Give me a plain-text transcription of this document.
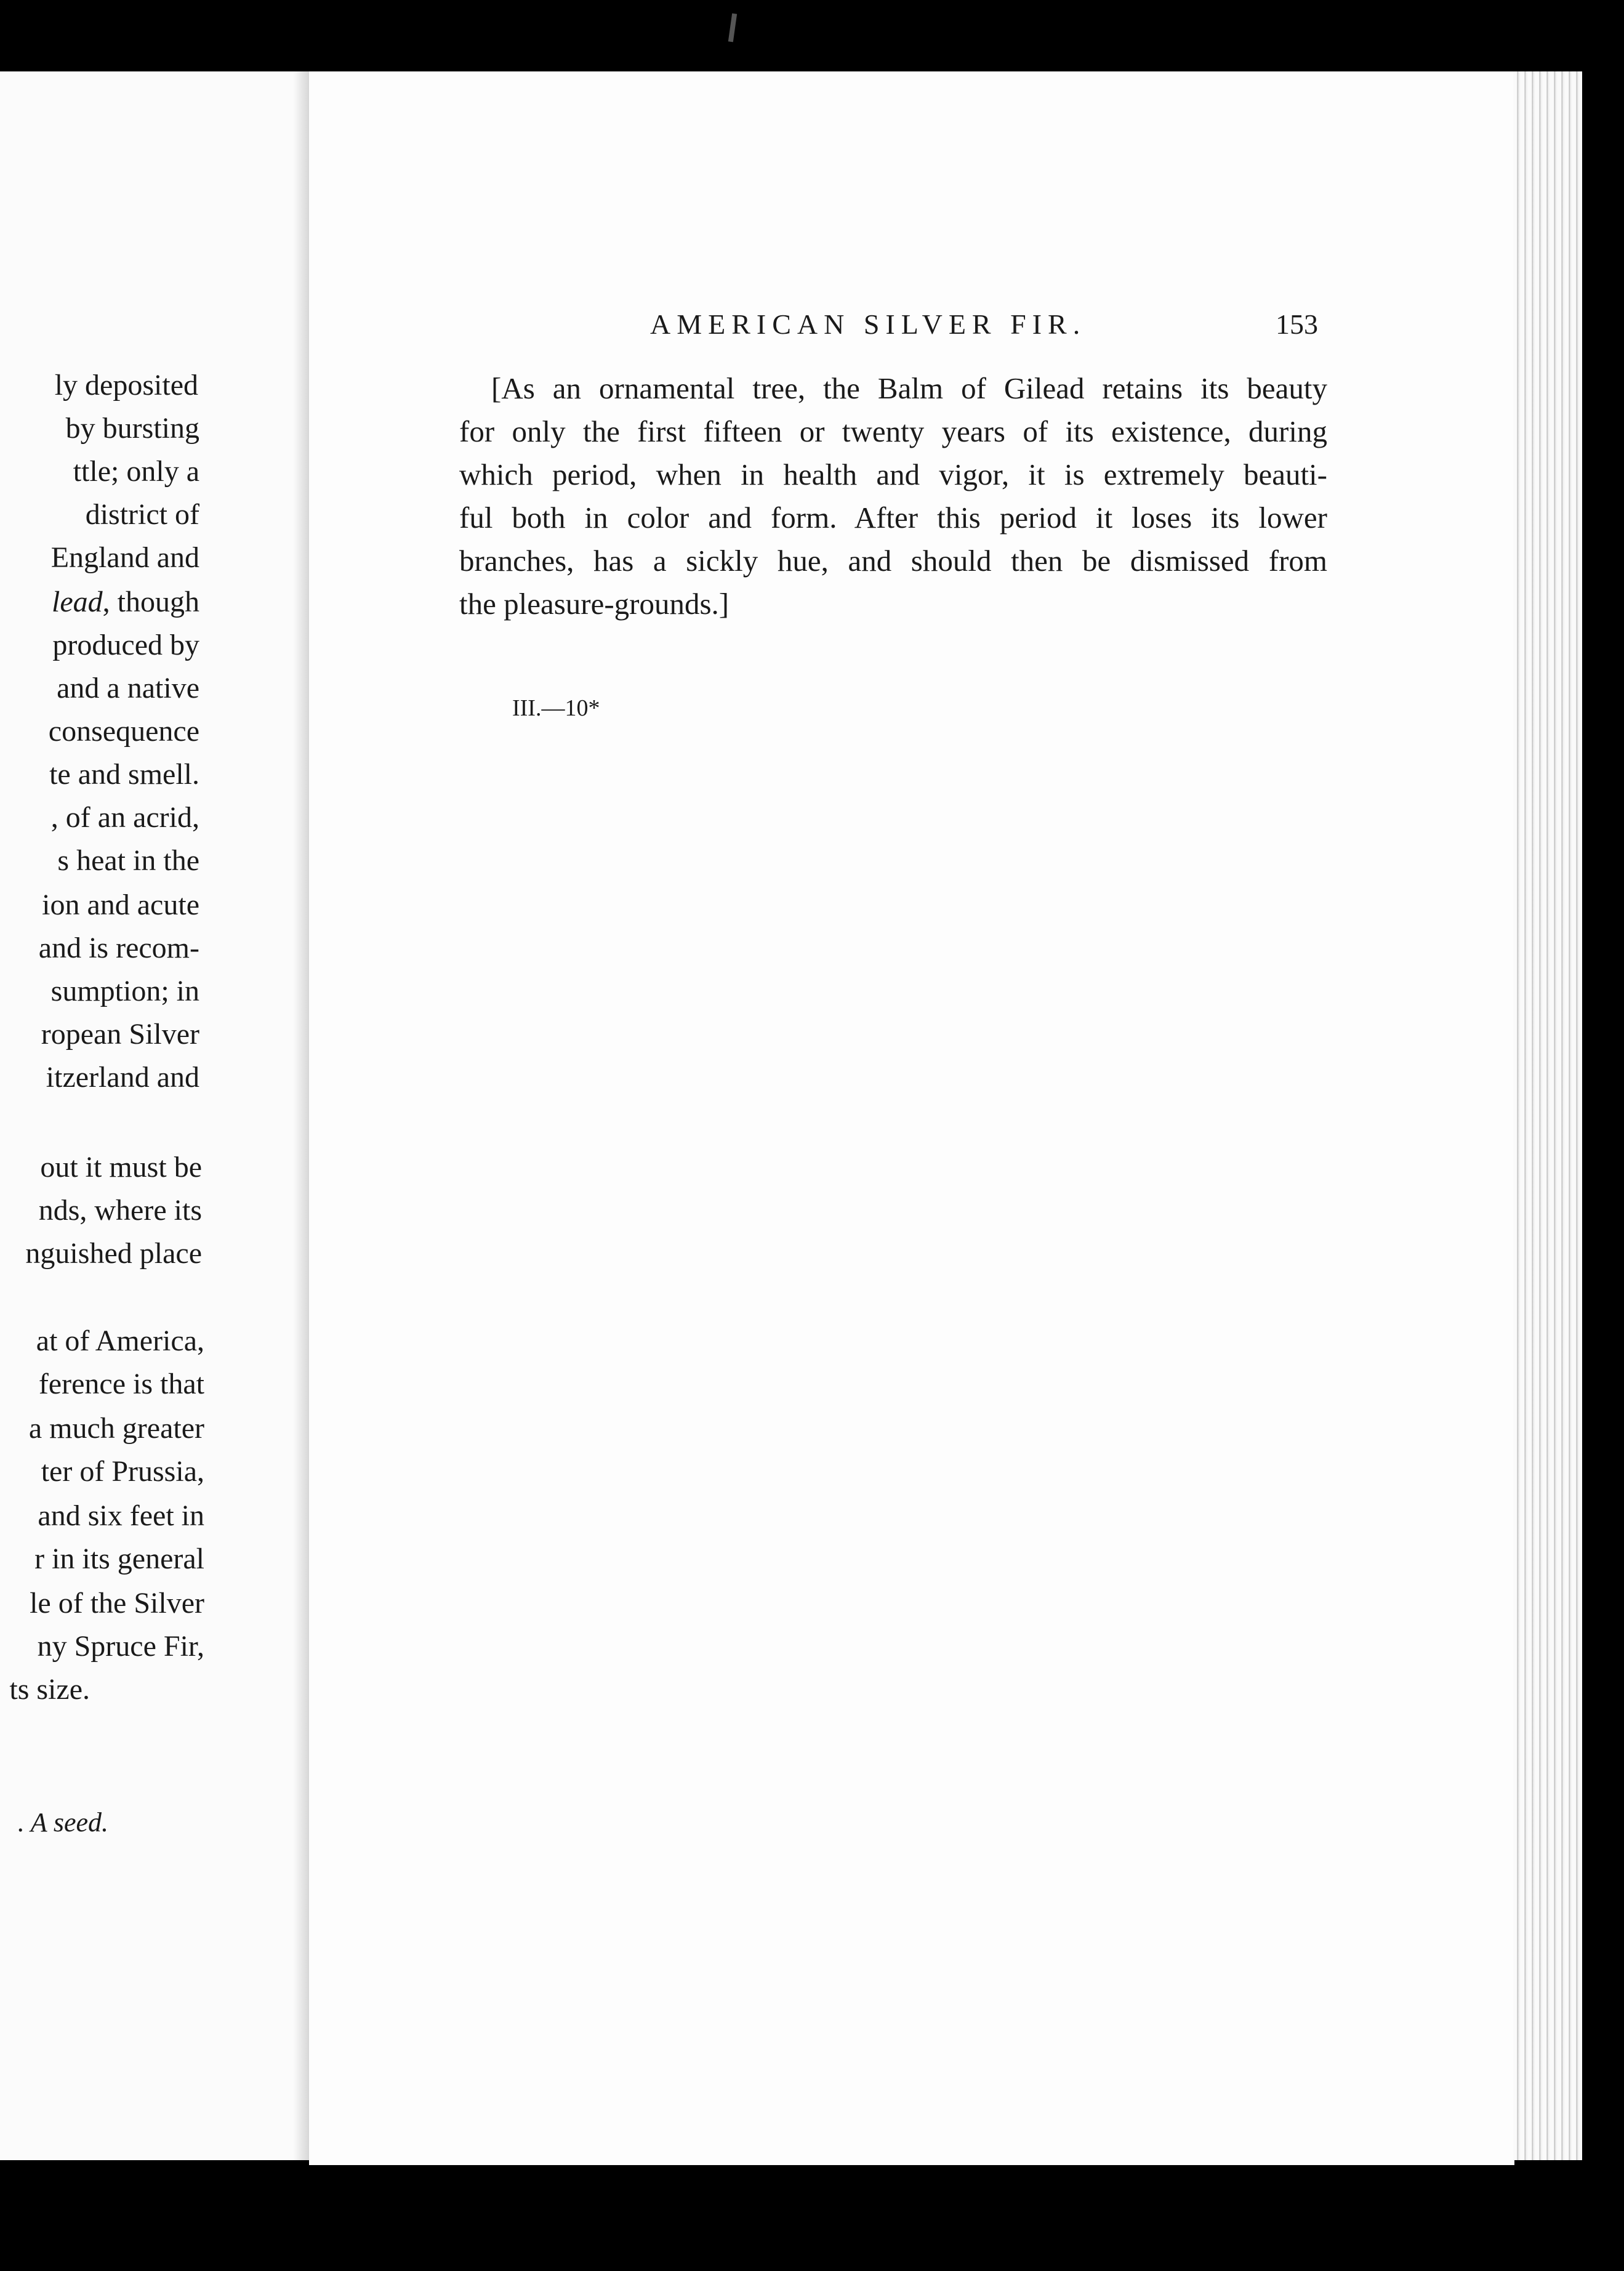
ly deposited
by bursting
ttle; only a
district of
England and
lead, though
produced by
and a native
consequence
te and smell.
, of an acrid,
s heat in the
ion and acute
and is recom-
sumption; in
ropean Silver
itzerland and
out it must be
nds, where its
nguished place
at of America,
ference is that
a much greater
ter of Prussia,
and six feet in
r in its general
le of the Silver
ny Spruce Fir,
ts size.
. A seed.
AMERICAN SILVER FIR.	153
[As an ornamental tree, the Balm of Gilead retains its beauty
for only the first fifteen or twenty years of its existence, during
which period, when in health and vigor, it is extremely beauti-
ful both in color and form. After this period it loses its lower
branches, has a sickly hue, and should then be dismissed from
the pleasure-grounds.]
III.—10*
